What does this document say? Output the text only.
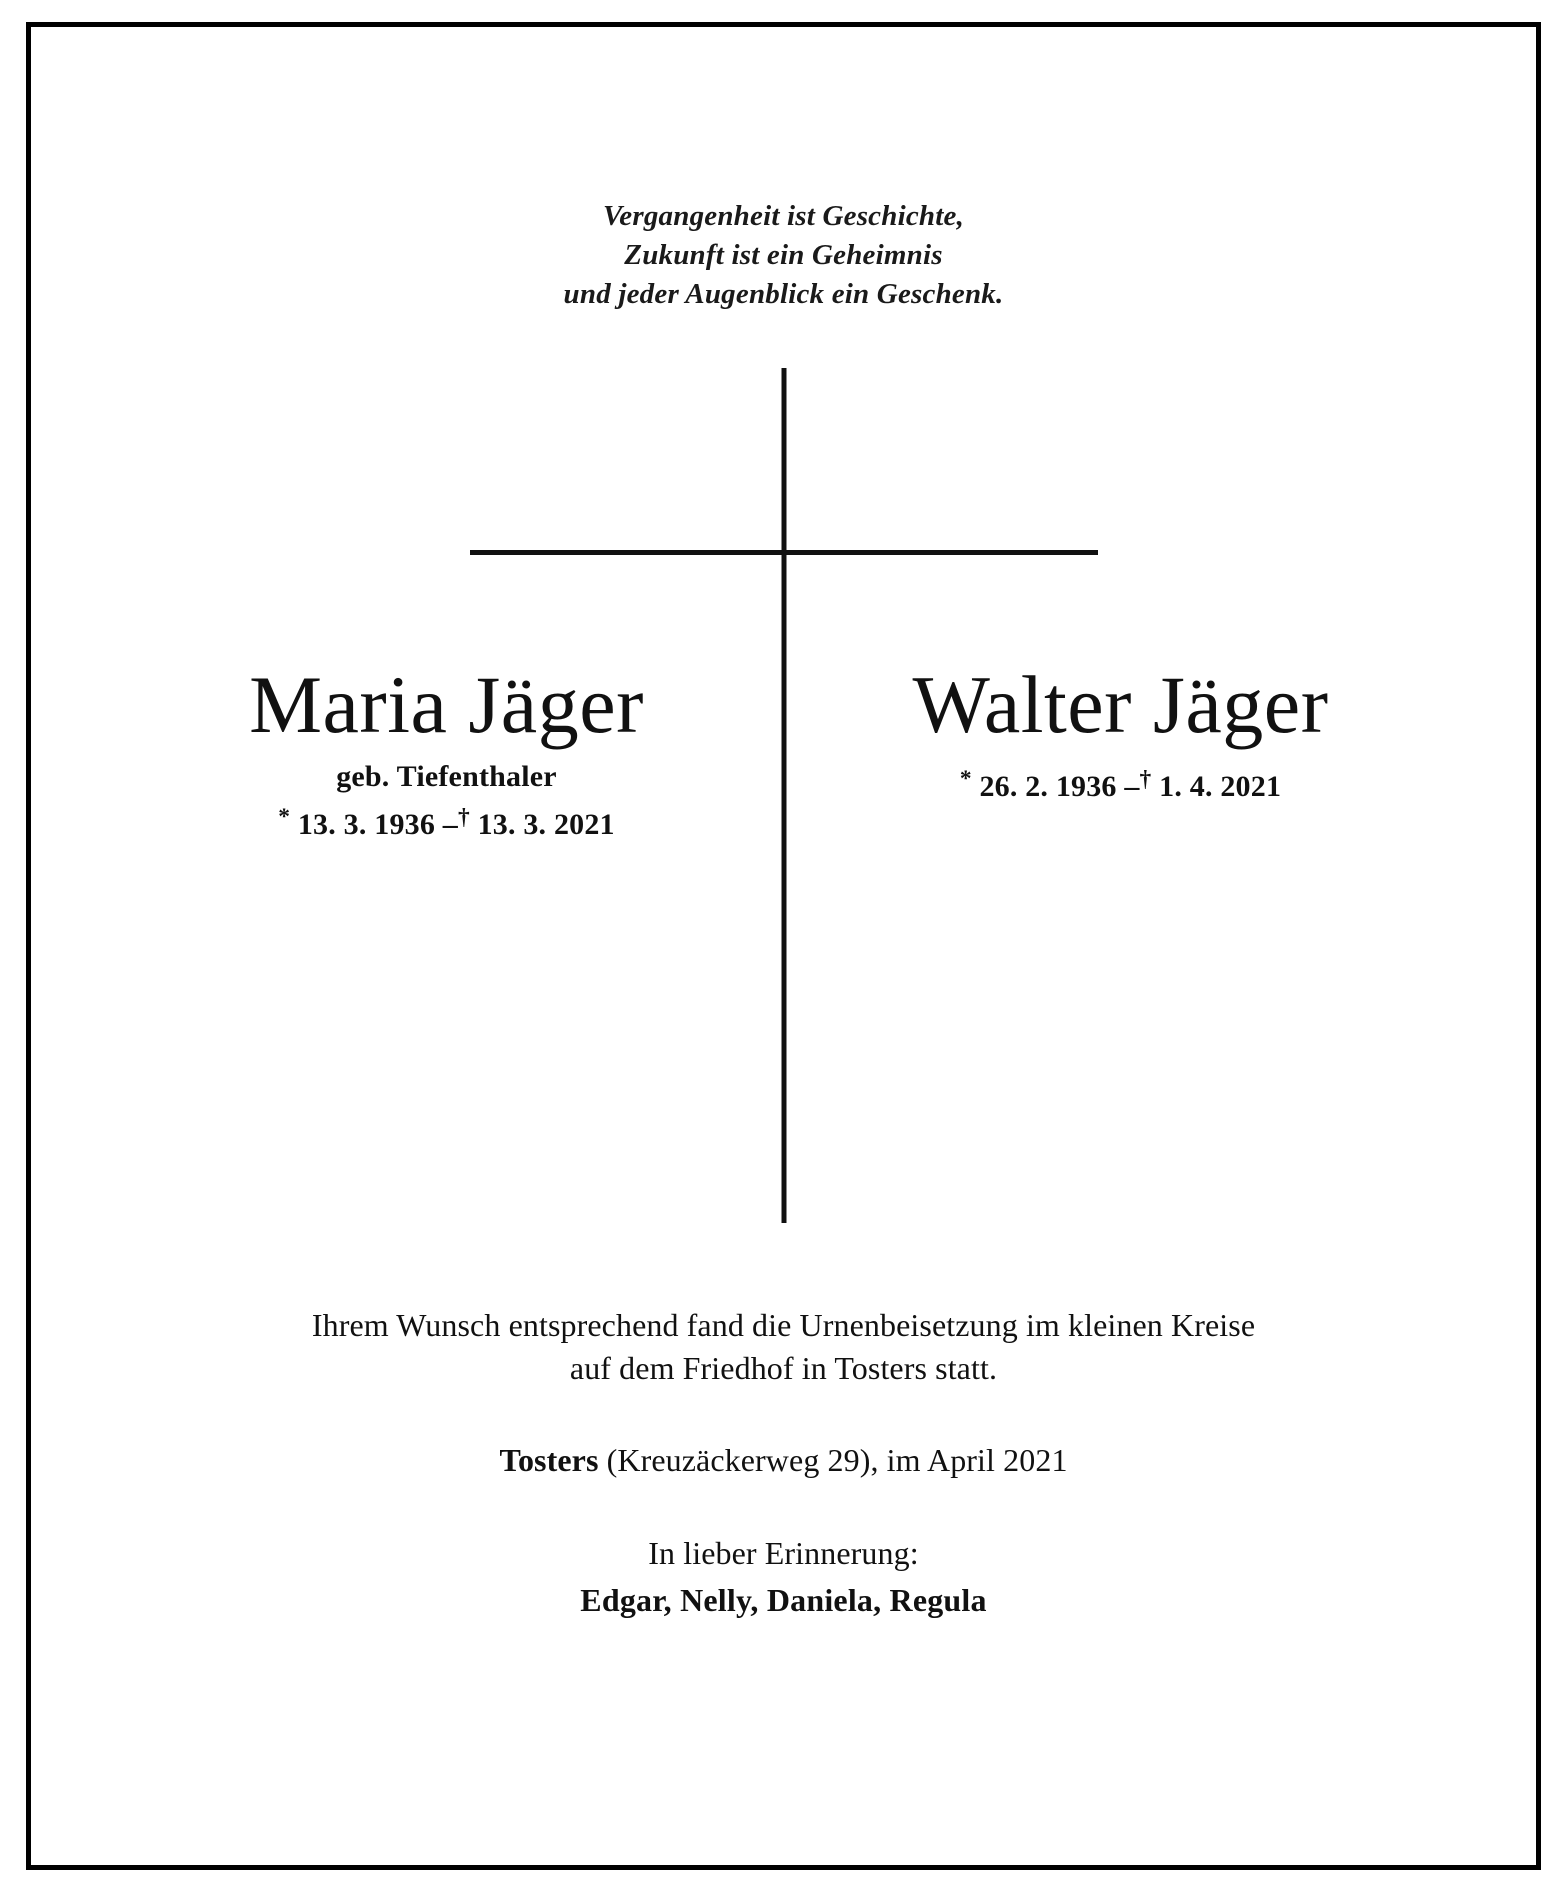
Vergangenheit ist Geschichte,
Zukunft ist ein Geheimnis
und jeder Augenblick ein Geschenk.
Maria Jäger
geb. Tiefenthaler
* 13. 3. 1936 –† 13. 3. 2021
Walter Jäger
* 26. 2. 1936 –† 1. 4. 2021
Ihrem Wunsch entsprechend fand die Urnenbeisetzung im kleinen Kreise
auf dem Friedhof in Tosters statt.
Tosters (Kreuzäckerweg 29), im April 2021
In lieber Erinnerung:
Edgar, Nelly, Daniela, Regula
